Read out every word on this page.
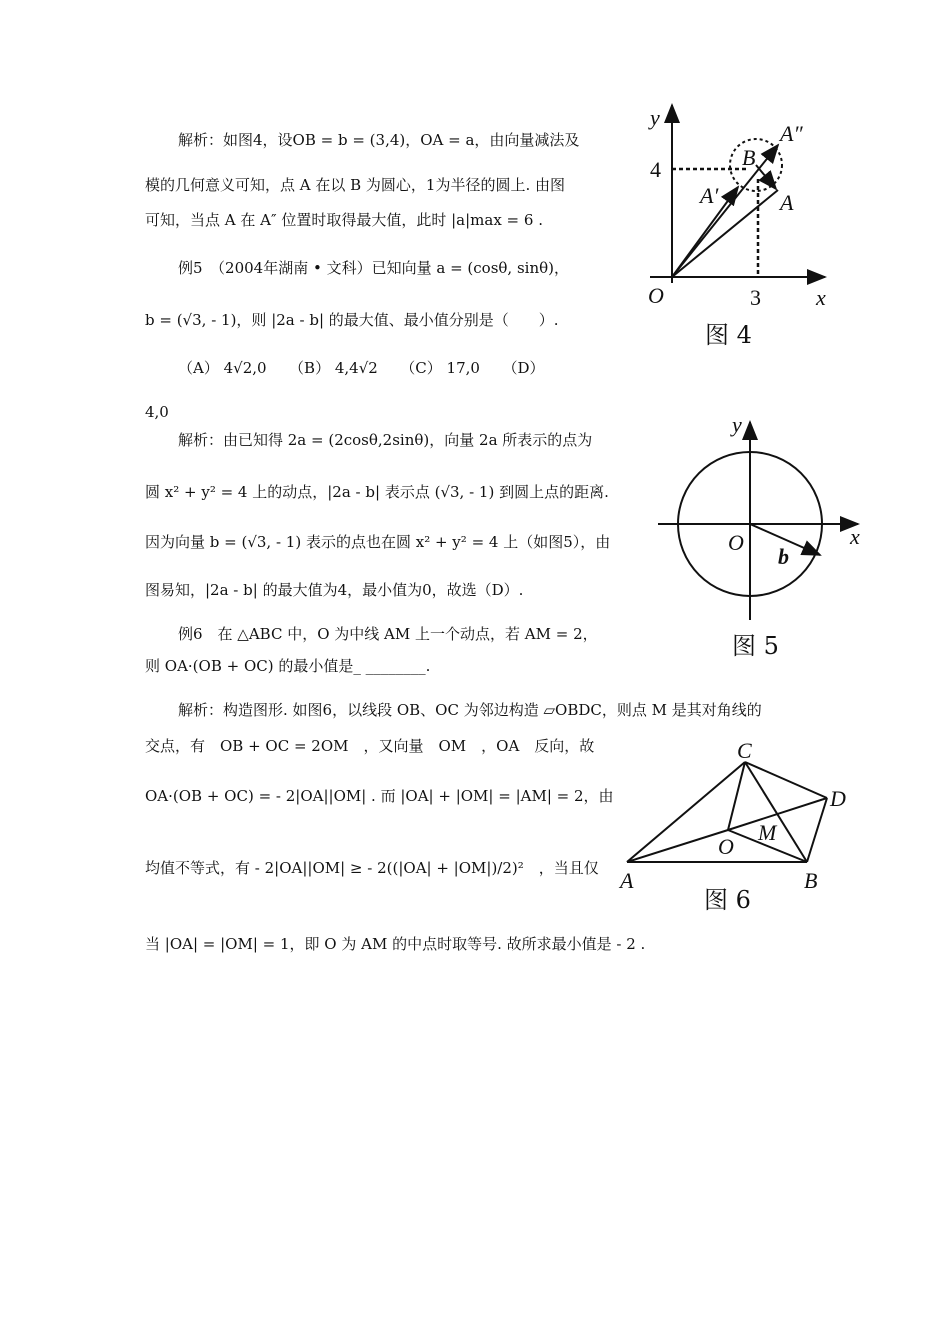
解析：如图4，设OB = b = (3,4)，OA = a，由向量减法及
模的几何意义可知，点 A 在以 B 为圆心，1为半径的圆上. 由图
可知，当点 A 在 A″ 位置时取得最大值，此时 |a|max = 6 .
例5　（2004年湖南 • 文科）已知向量 a = (cosθ, sinθ)，
b = (√3, - 1)，则 |2a - b| 的最大值、最小值分别是（　　）.
（A） 4√2,0　　（B） 4,4√2　　（C） 17,0　　（D）
4,0
解析：由已知得 2a = (2cosθ,2sinθ)，向量 2a 所表示的点为
圆 x² + y² = 4 上的动点，|2a - b| 表示点 (√3, - 1) 到圆上点的距离.
因为向量 b = (√3, - 1) 表示的点也在圆 x² + y² = 4 上（如图5），由
图易知，|2a - b| 的最大值为4，最小值为0，故选（D）.
例6　在 △ABC 中，O 为中线 AM 上一个动点，若 AM = 2，
则 OA·(OB + OC) 的最小值是_ ________.
解析：构造图形. 如图6，以线段 OB、OC 为邻边构造 ▱OBDC，则点 M 是其对角线的
交点，有　OB + OC = 2OM　，又向量　OM　，OA　反向，故
OA·(OB + OC) = - 2|OA||OM| . 而 |OA| + |OM| = |AM| = 2，由
均值不等式，有 - 2|OA||OM| ≥ - 2((|OA| + |OM|)/2)²　，当且仅
当 |OA| = |OM| = 1，即 O 为 AM 的中点时取等号. 故所求最小值是 - 2 .
y
x
O
4
3
B
A
A′
A″
图 4
y
x
O
b
图 5
A	B
C
D
O
M
图 6
